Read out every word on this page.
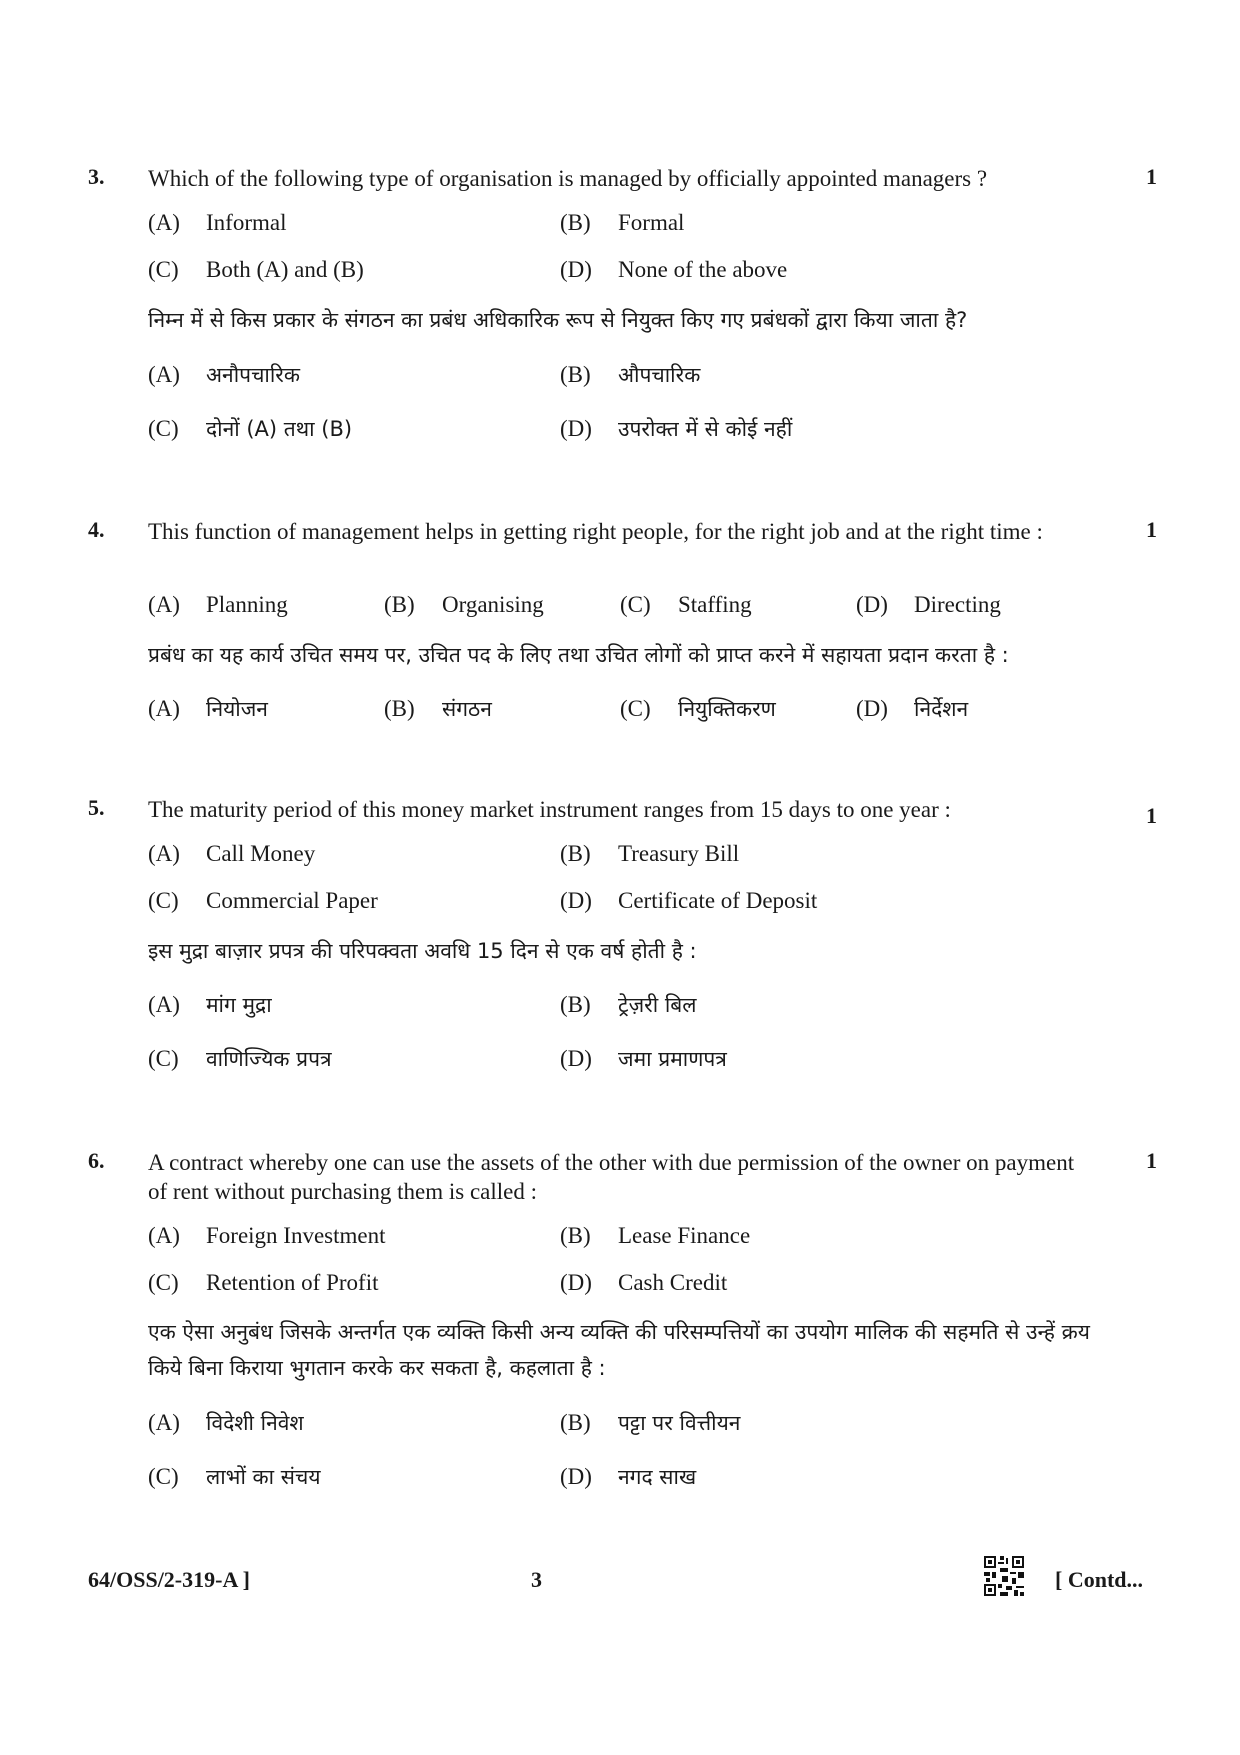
3. Which of the following type of organisation is managed by officially appointed managers ?	1
(A) Informal	(B) Formal
(C) Both (A) and (B)	(D) None of the above
निम्न में से किस प्रकार के संगठन का प्रबंध अधिकारिक रूप से नियुक्त किए गए प्रबंधकों द्वारा किया जाता है?
(A) अनौपचारिक	(B) औपचारिक
(C) दोनों (A) तथा (B)	(D) उपरोक्त में से कोई नहीं
4. This function of management helps in getting right people, for the right job and at the right time :	1
(A) Planning	(B) Organising	(C) Staffing	(D) Directing
प्रबंध का यह कार्य उचित समय पर, उचित पद के लिए तथा उचित लोगों को प्राप्त करने में सहायता प्रदान करता है :
(A) नियोजन	(B) संगठन	(C) नियुक्तिकरण	(D) निर्देशन
5. The maturity period of this money market instrument ranges from 15 days to one year :	1
(A) Call Money	(B) Treasury Bill
(C) Commercial Paper	(D) Certificate of Deposit
इस मुद्रा बाज़ार प्रपत्र की परिपक्वता अवधि 15 दिन से एक वर्ष होती है :
(A) मांग मुद्रा	(B) ट्रेज़री बिल
(C) वाणिज्यिक प्रपत्र	(D) जमा प्रमाणपत्र
6. A contract whereby one can use the assets of the other with due permission of the owner on payment of rent without purchasing them is called :
1
(A) Foreign Investment	(B) Lease Finance
(C) Retention of Profit	(D) Cash Credit
एक ऐसा अनुबंध जिसके अन्तर्गत एक व्यक्ति किसी अन्य व्यक्ति की परिसम्पत्तियों का उपयोग मालिक की सहमति से उन्हें क्रय किये बिना किराया भुगतान करके कर सकता है, कहलाता है :
(A) विदेशी निवेश	(B) पट्टा पर वित्तीयन
(C) लाभों का संचय	(D) नगद साख
64/OSS/2-319-A ]	3	[ Contd...
